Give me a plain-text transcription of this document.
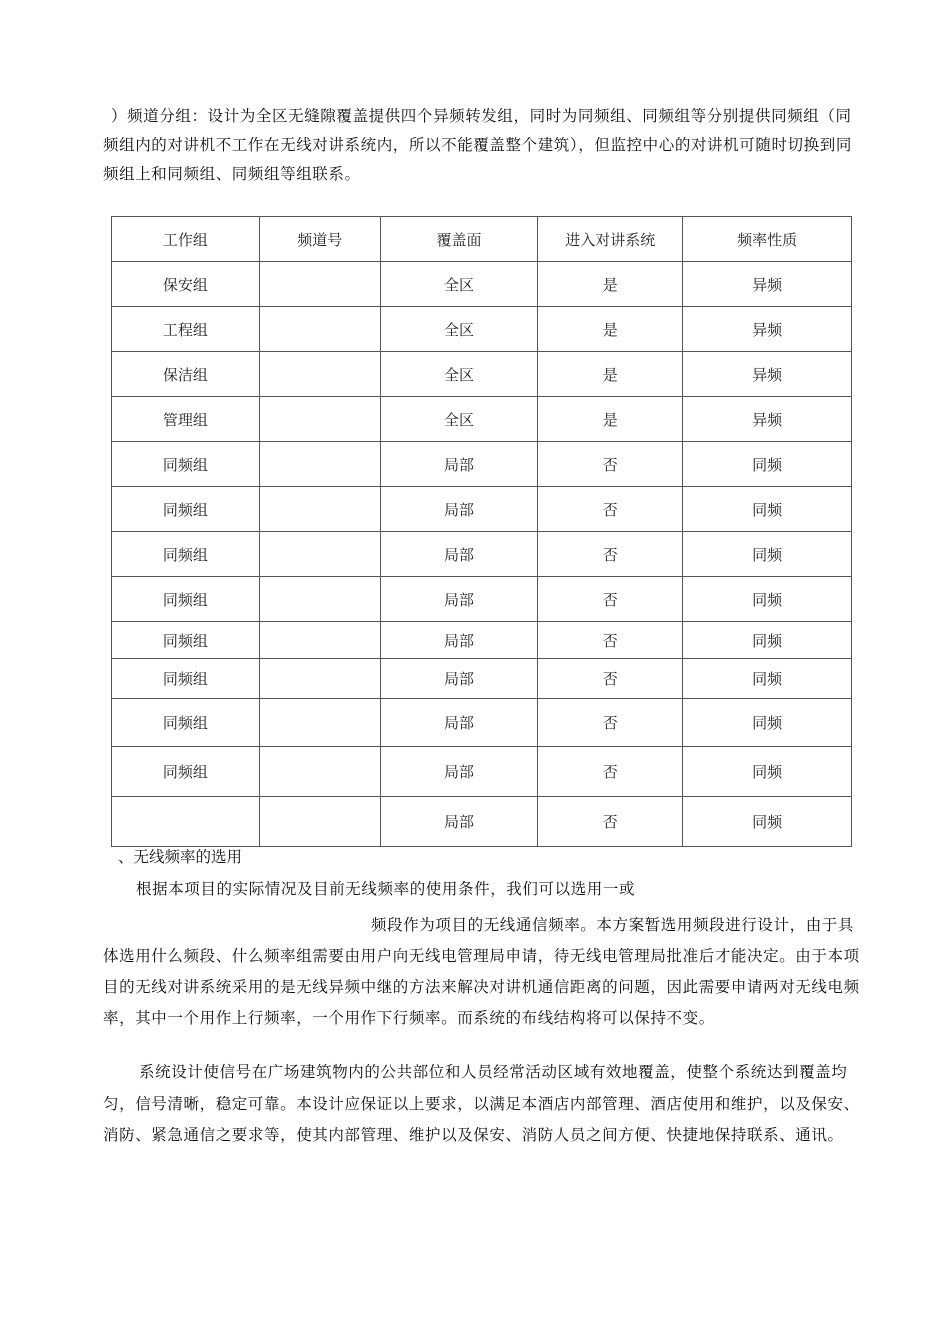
）频道分组：设计为全区无缝隙覆盖提供四个异频转发组，同时为同频组、同频组等分别提供同频组（同频组内的对讲机不工作在无线对讲系统内，所以不能覆盖整个建筑），但监控中心的对讲机可随时切换到同频组上和同频组、同频组等组联系。

工作组	频道号	覆盖面	进入对讲系统	频率性质
保安组		全区	是	异频
工程组		全区	是	异频
保洁组		全区	是	异频
管理组		全区	是	异频
同频组		局部	否	同频
同频组		局部	否	同频
同频组		局部	否	同频
同频组		局部	否	同频
同频组		局部	否	同频
同频组		局部	否	同频
同频组		局部	否	同频
同频组		局部	否	同频
		局部	否	同频

、无线频率的选用

根据本项目的实际情况及目前无线频率的使用条件，我们可以选用一或

频段作为项目的无线通信频率。本方案暂选用频段进行设计，由于具体选用什么频段、什么频率组需要由用户向无线电管理局申请，待无线电管理局批准后才能决定。由于本项目的无线对讲系统采用的是无线异频中继的方法来解决对讲机通信距离的问题，因此需要申请两对无线电频率，其中一个用作上行频率，一个用作下行频率。而系统的布线结构将可以保持不变。

系统设计使信号在广场建筑物内的公共部位和人员经常活动区域有效地覆盖，使整个系统达到覆盖均匀，信号清晰，稳定可靠。本设计应保证以上要求，以满足本酒店内部管理、酒店使用和维护，以及保安、消防、紧急通信之要求等，使其内部管理、维护以及保安、消防人员之间方便、快捷地保持联系、通讯。
